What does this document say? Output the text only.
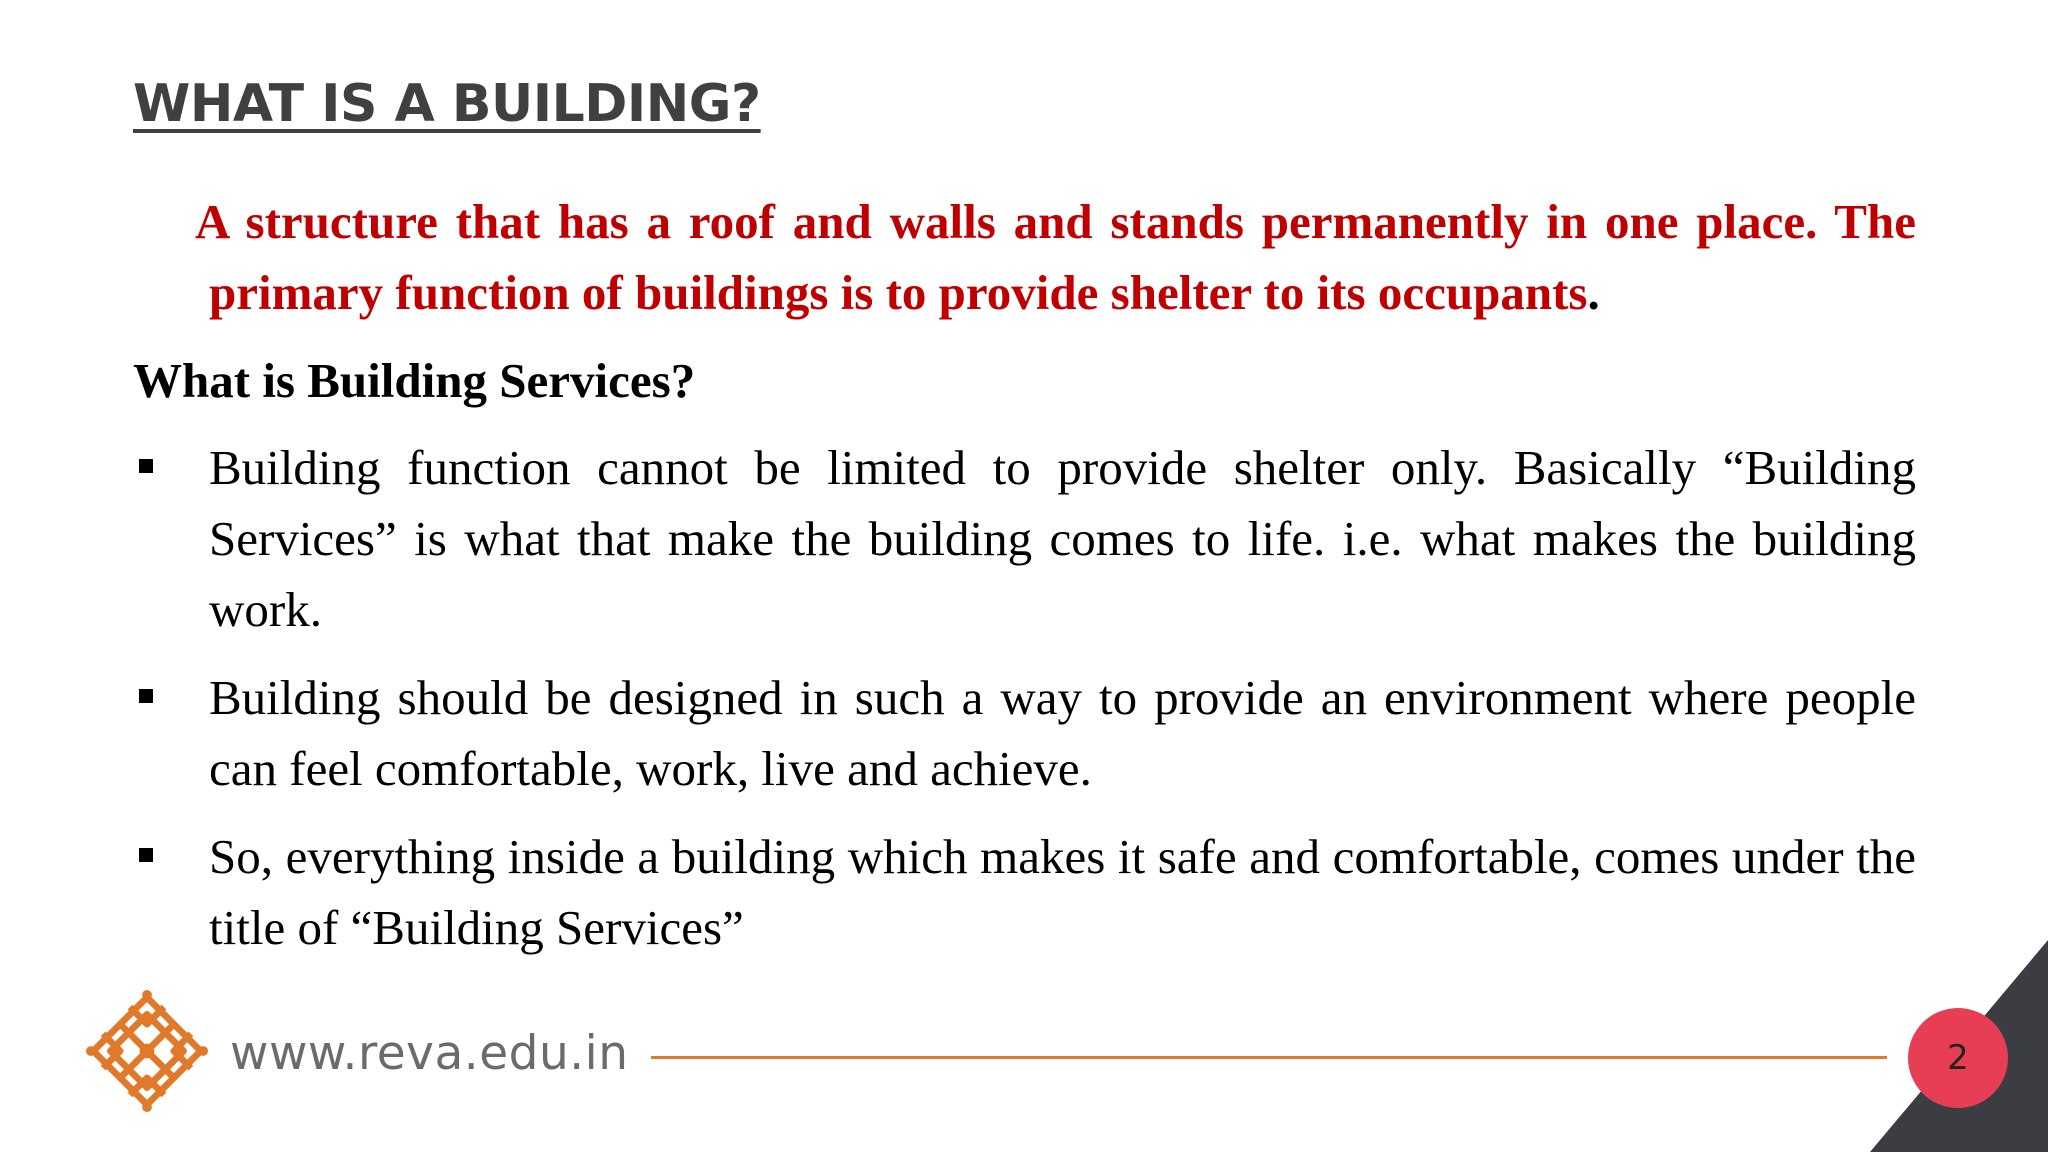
WHAT IS A BUILDING?

A structure that has a roof and walls and stands permanently in one place. The primary function of buildings is to provide shelter to its occupants.

What is Building Services?
Building function cannot be limited to provide shelter only. Basically “Building Services” is what that make the building comes to life. i.e. what makes the building work.
Building should be designed in such a way to provide an environment where people can feel comfortable, work, live and achieve.
So, everything inside a building which makes it safe and comfortable, comes under the title of “Building Services”
www.reva.edu.in	2
